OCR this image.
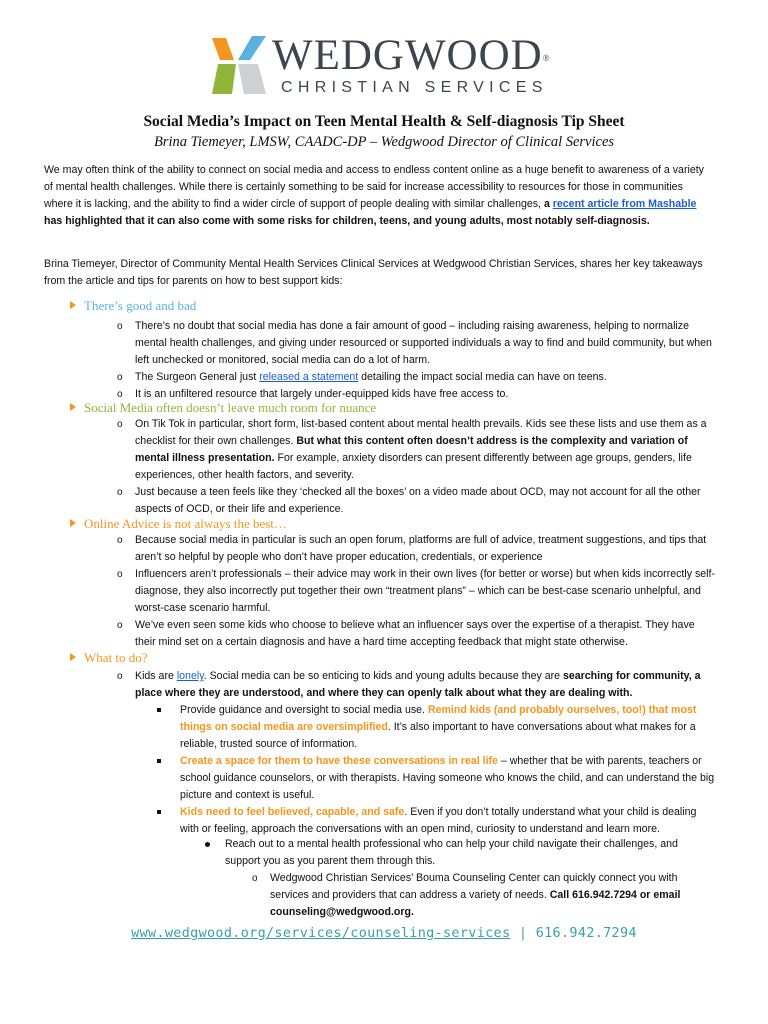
WEDGWOOD®
CHRISTIAN SERVICES
Social Media’s Impact on Teen Mental Health & Self-diagnosis Tip Sheet
Brina Tiemeyer, LMSW, CAADC-DP – Wedgwood Director of Clinical Services
We may often think of the ability to connect on social media and access to endless content online as a huge benefit to awareness of a variety of mental health challenges. While there is certainly something to be said for increase accessibility to resources for those in communities where it is lacking, and the ability to find a wider circle of support of people dealing with similar challenges, a recent article from Mashable has highlighted that it can also come with some risks for children, teens, and young adults, most notably self-diagnosis.
Brina Tiemeyer, Director of Community Mental Health Services Clinical Services at Wedgwood Christian Services, shares her key takeaways from the article and tips for parents on how to best support kids:
There’s good and bad
o There’s no doubt that social media has done a fair amount of good – including raising awareness, helping to normalize mental health challenges, and giving under resourced or supported individuals a way to find and build community, but when left unchecked or monitored, social media can do a lot of harm.
o The Surgeon General just released a statement detailing the impact social media can have on teens.
o It is an unfiltered resource that largely under-equipped kids have free access to.
Social Media often doesn’t leave much room for nuance
o On Tik Tok in particular, short form, list-based content about mental health prevails. Kids see these lists and use them as a checklist for their own challenges. But what this content often doesn’t address is the complexity and variation of mental illness presentation. For example, anxiety disorders can present differently between age groups, genders, life experiences, other health factors, and severity.
o Just because a teen feels like they ‘checked all the boxes’ on a video made about OCD, may not account for all the other aspects of OCD, or their life and experience.
Online Advice is not always the best…
o Because social media in particular is such an open forum, platforms are full of advice, treatment suggestions, and tips that aren’t so helpful by people who don’t have proper education, credentials, or experience
o Influencers aren’t professionals – their advice may work in their own lives (for better or worse) but when kids incorrectly self-diagnose, they also incorrectly put together their own “treatment plans” – which can be best-case scenario unhelpful, and worst-case scenario harmful.
o We’ve even seen some kids who choose to believe what an influencer says over the expertise of a therapist. They have their mind set on a certain diagnosis and have a hard time accepting feedback that might state otherwise.
What to do?
o Kids are lonely. Social media can be so enticing to kids and young adults because they are searching for community, a place where they are understood, and where they can openly talk about what they are dealing with.
Provide guidance and oversight to social media use. Remind kids (and probably ourselves, too!) that most things on social media are oversimplified. It’s also important to have conversations about what makes for a reliable, trusted source of information.
Create a space for them to have these conversations in real life – whether that be with parents, teachers or school guidance counselors, or with therapists. Having someone who knows the child, and can understand the big picture and context is useful.
Kids need to feel believed, capable, and safe. Even if you don’t totally understand what your child is dealing with or feeling, approach the conversations with an open mind, curiosity to understand and learn more.
Reach out to a mental health professional who can help your child navigate their challenges, and support you as you parent them through this.
o Wedgwood Christian Services’ Bouma Counseling Center can quickly connect you with services and providers that can address a variety of needs. Call 616.942.7294 or email counseling@wedgwood.org.
www.wedgwood.org/services/counseling-services | 616.942.7294
